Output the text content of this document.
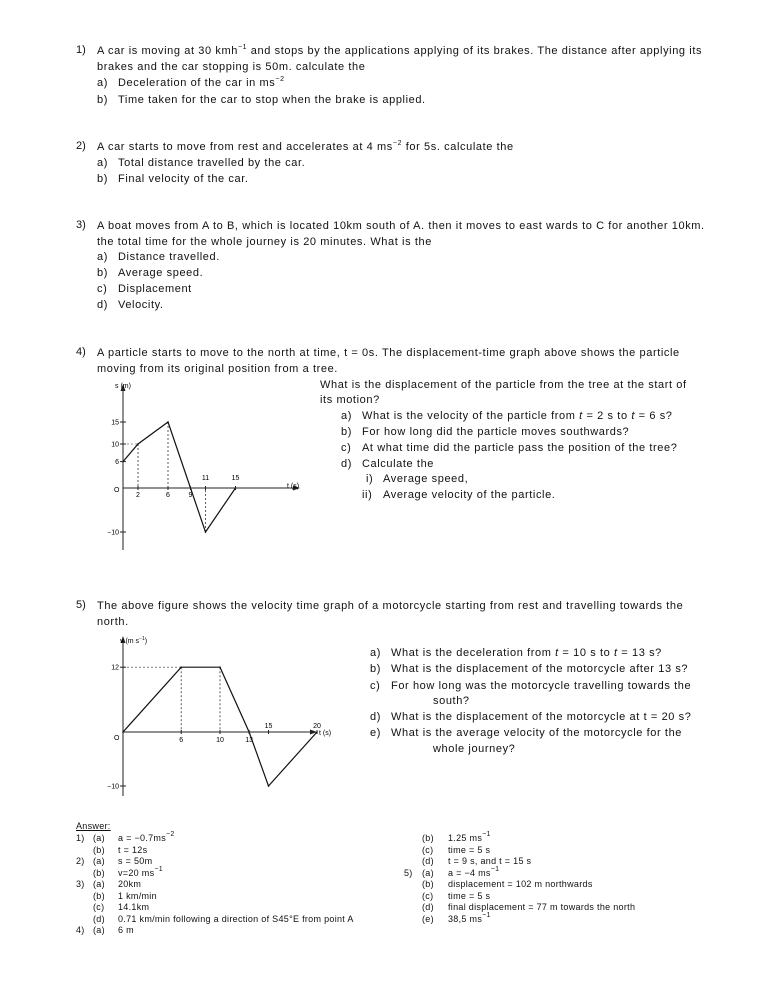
1) A car is moving at 30 kmh$^{-1}$ and stops by the applications applying of its brakes. The distance after applying its
brakes and the car stopping is 50m. calculate the
a) Deceleration of the car in $ms^{-2}$
b) Time taken for the car to stop when the brake is applied.
2) A car starts to move from rest and accelerates at 4 $ms^{-2}$ for 5s. calculate the
a) Total distance travelled by the car.
b) Final velocity of the car.
3) A boat moves from A to B, which is located 10km south of A. then it moves to east wards to C for another 10km.
the total time for the whole journey is 20 minutes. What is the
a) Distance travelled.
b) Average speed.
c) Displacement
d) Velocity.
4) A particle starts to move to the north at time, t = 0s. The displacement-time graph above shows the particle
moving from its original position from a tree.
What is the displacement of the particle from the tree at the start of
its motion?
a) What is the velocity of the particle from t = 2 s to t = 6 s?
b) For how long did the particle moves southwards?
c) At what time did the particle pass the position of the tree?
d) Calculate the
i) Average speed,
ii) Average velocity of the particle.
s (m)
t (s)
O
15
10
6
−10
2	6	9
11	15
5) The above figure shows the velocity time graph of a motorcycle starting from rest and travelling towards the
north.
a) What is the deceleration from t = 10 s to t = 13 s?
b) What is the displacement of the motorcycle after 13 s?
c) For how long was the motorcycle travelling towards the
south?
d) What is the displacement of the motorcycle at t = 20 s?
e) What is the average velocity of the motorcycle for the
whole journey?
v (m $s^{-1}$)
t (s)
O
12
−10
6	10	13
15	20
Answer:
1) (a) $a = -0.7ms^{-2}$
(b) t = 12s
2) (a) s = 50m
(b) v=20 $ms^{-1}$
3) (a) 20km
(b) 1 km/min
(c) 14.1km
(d) 0.71 km/min following a direction of S45°E from point A
4) (a) 6 m
(b) 1.25 $ms^{-1}$
(c) time = 5 s
(d) t = 9 s, and t = 15 s
5) (a) a = −4 $ms^{-1}$
(b) displacement = 102 m northwards
(c) time = 5 s
(d) final displacement = 77 m towards the north
(e) 38,5 $ms^{-1}$
